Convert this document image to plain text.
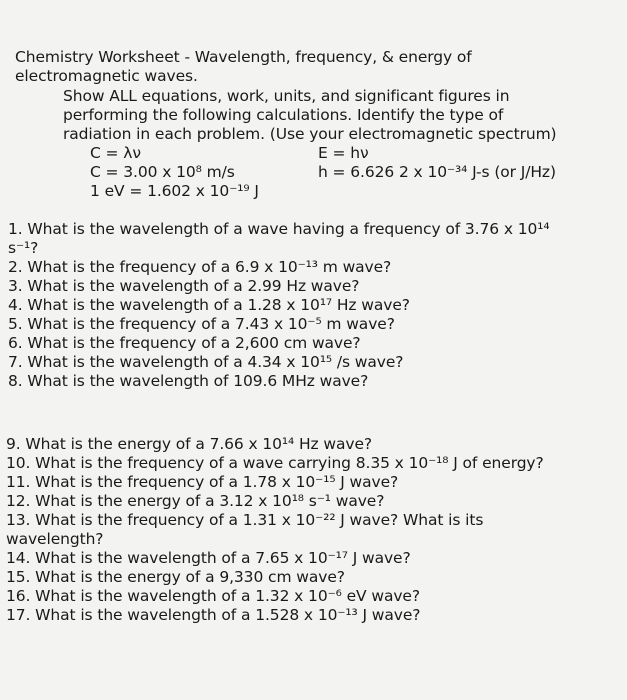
Chemistry Worksheet - Wavelength, frequency, & energy of
electromagnetic waves.
Show ALL equations, work, units, and significant figures in
performing the following calculations. Identify the type of
radiation in each problem. (Use your electromagnetic spectrum)
C = λν	E = hν
C = 3.00 x 10⁸ m/s	h = 6.626 2 x 10⁻³⁴ J-s (or J/Hz)
1 eV = 1.602 x 10⁻¹⁹ J
1. What is the wavelength of a wave having a frequency of 3.76 x 10¹⁴
s⁻¹?
2. What is the frequency of a 6.9 x 10⁻¹³ m wave?
3. What is the wavelength of a 2.99 Hz wave?
4. What is the wavelength of a 1.28 x 10¹⁷ Hz wave?
5. What is the frequency of a 7.43 x 10⁻⁵ m wave?
6. What is the frequency of a 2,600 cm wave?
7. What is the wavelength of a 4.34 x 10¹⁵ /s wave?
8. What is the wavelength of 109.6 MHz wave?
9. What is the energy of a 7.66 x 10¹⁴ Hz wave?
10. What is the frequency of a wave carrying 8.35 x 10⁻¹⁸ J of energy?
11. What is the frequency of a 1.78 x 10⁻¹⁵ J wave?
12. What is the energy of a 3.12 x 10¹⁸ s⁻¹ wave?
13. What is the frequency of a 1.31 x 10⁻²² J wave? What is its
wavelength?
14. What is the wavelength of a 7.65 x 10⁻¹⁷ J wave?
15. What is the energy of a 9,330 cm wave?
16. What is the wavelength of a 1.32 x 10⁻⁶ eV wave?
17. What is the wavelength of a 1.528 x 10⁻¹³ J wave?
